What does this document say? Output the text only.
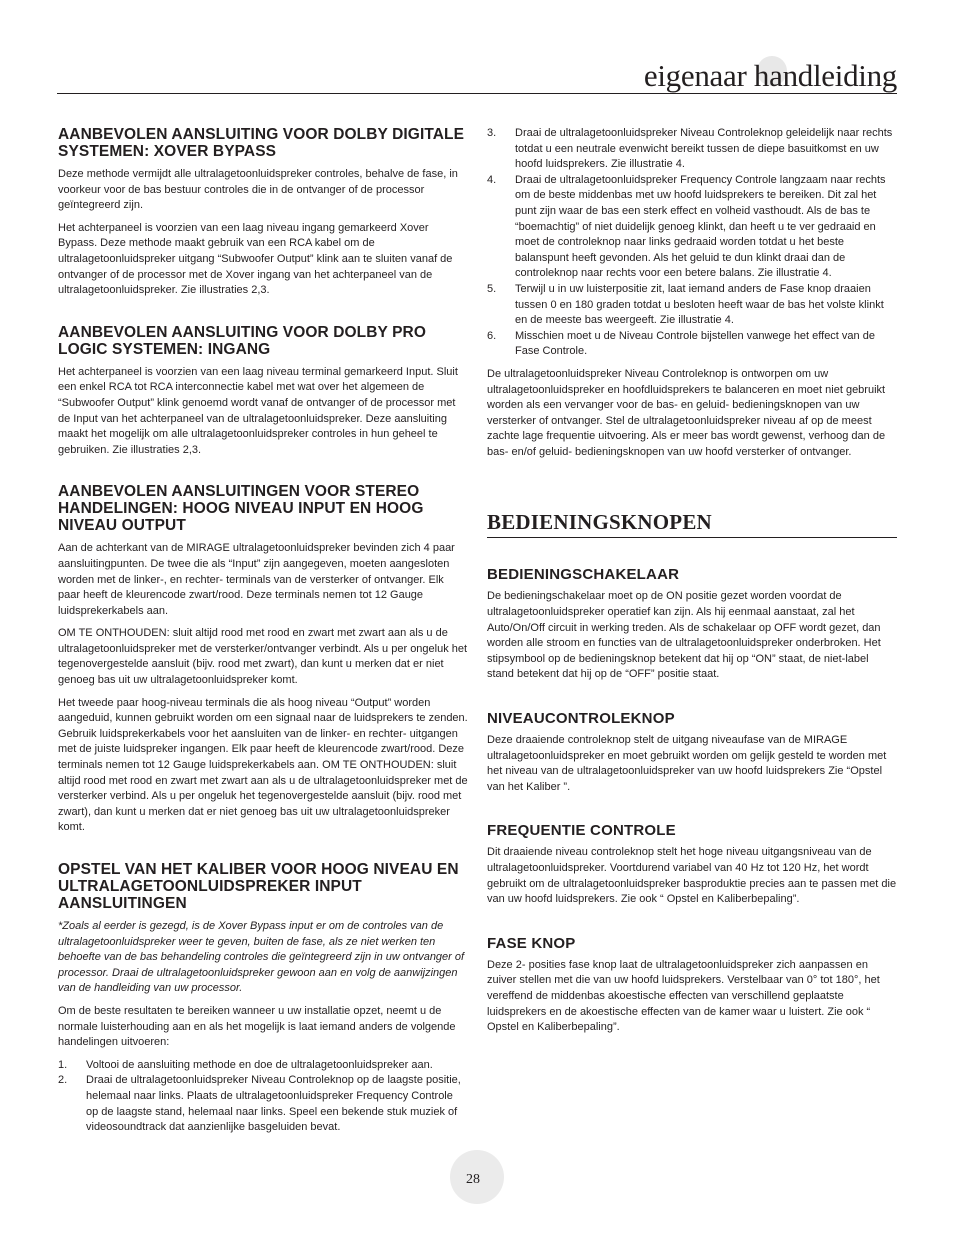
eigenaar handleiding
AANBEVOLEN AANSLUITING VOOR DOLBY DIGITALE SYSTEMEN: XOVER BYPASS

Deze methode vermijdt alle ultralagetoonluidspreker controles, behalve de fase, in voorkeur voor de bas bestuur controles die in de ontvanger of de processor geïntegreerd zijn.

Het achterpaneel is voorzien van een laag niveau ingang gemarkeerd Xover Bypass. Deze methode maakt gebruik van een RCA kabel om de ultralagetoonluidspreker uitgang “Subwoofer Output” klink aan te sluiten vanaf de ontvanger of de processor met de Xover ingang van het achterpaneel van de ultralagetoonluidspreker. Zie illustraties 2,3.

AANBEVOLEN AANSLUITING VOOR DOLBY PRO LOGIC SYSTEMEN: INGANG

Het achterpaneel is voorzien van een laag niveau terminal gemarkeerd Input. Sluit een enkel RCA tot RCA interconnectie kabel met wat over het algemeen de “Subwoofer Output” klink genoemd wordt vanaf de ontvanger of de processor met de Input van het achterpaneel van de ultralagetoonluidspreker. Deze aansluiting maakt het mogelijk om alle ultralagetoonluidspreker controles in hun geheel te gebruiken. Zie illustraties 2,3.

AANBEVOLEN AANSLUITINGEN VOOR STEREO HANDELINGEN: HOOG NIVEAU INPUT EN HOOG NIVEAU OUTPUT

Aan de achterkant van de MIRAGE ultralagetoonluidspreker bevinden zich 4 paar aansluitingpunten. De twee die als “Input” zijn aangegeven, moeten aangesloten worden met de linker-, en rechter- terminals van de versterker of ontvanger. Elk paar heeft de kleurencode zwart/rood. Deze terminals nemen tot 12 Gauge luidsprekerkabels aan.

OM TE ONTHOUDEN: sluit altijd rood met rood en zwart met zwart aan als u de ultralagetoonluidspreker met de versterker/ontvanger verbindt. Als u per ongeluk het tegenovergestelde aansluit (bijv. rood met zwart), dan kunt u merken dat er niet genoeg bas uit uw ultralagetoonluidspreker komt.

Het tweede paar hoog-niveau terminals die als hoog niveau “Output” worden aangeduid, kunnen gebruikt worden om een signaal naar de luidsprekers te zenden. Gebruik luidsprekerkabels voor het aansluiten van de linker- en rechter- uitgangen met de juiste luidspreker ingangen. Elk paar heeft de kleurencode zwart/rood. Deze terminals nemen tot 12 Gauge luidsprekerkabels aan. OM TE ONTHOUDEN: sluit altijd rood met rood en zwart met zwart aan als u de ultralagetoonluidspreker met de versterker verbind. Als u per ongeluk het tegenovergestelde aansluit (bijv. rood met zwart), dan kunt u merken dat er niet genoeg bas uit uw ultralagetoonluidspreker komt.

OPSTEL VAN HET KALIBER VOOR HOOG NIVEAU EN ULTRALAGETOONLUIDSPREKER INPUT AANSLUITINGEN

*Zoals al eerder is gezegd, is de Xover Bypass input er om de controles van de ultralagetoonluidspreker weer te geven, buiten de fase, als ze niet werken ten behoefte van de bas behandeling controles die geïntegreerd zijn in uw ontvanger of processor. Draai de ultralagetoonluidspreker gewoon aan en volg de aanwijzingen van de handleiding van uw processor.

Om de beste resultaten te bereiken wanneer u uw installatie opzet, neemt u de normale luisterhouding aan en als het mogelijk is laat iemand anders de volgende handelingen uitvoeren:

1. Voltooi de aansluiting methode en doe de ultralagetoonluidspreker aan.
2. Draai de ultralagetoonluidspreker Niveau Controleknop op de laagste positie, helemaal naar links. Plaats de ultralagetoonluidspreker Frequency Controle op de laagste stand, helemaal naar links. Speel een bekende stuk muziek of videosoundtrack dat aanzienlijke basgeluiden bevat.
3. Draai de ultralagetoonluidspreker Niveau Controleknop geleidelijk naar rechts totdat u een neutrale evenwicht bereikt tussen de diepe basuitkomst en uw hoofd luidsprekers. Zie illustratie 4.
4. Draai de ultralagetoonluidspreker Frequency Controle langzaam naar rechts om de beste middenbas met uw hoofd luidsprekers te bereiken. Dit zal het punt zijn waar de bas een sterk effect en volheid vasthoudt. Als de bas te “boemachtig” of niet duidelijk genoeg klinkt, dan heeft u te ver gedraaid en moet de controleknop naar links gedraaid worden totdat u het beste balanspunt heeft gevonden. Als het geluid te dun klinkt draai dan de controleknop naar rechts voor een betere balans. Zie illustratie 4.
5. Terwijl u in uw luisterpositie zit, laat iemand anders de Fase knop draaien tussen 0 en 180 graden totdat u besloten heeft waar de bas het volste klinkt en de meeste bas weergeeft. Zie illustratie 4.
6. Misschien moet u de Niveau Controle bijstellen vanwege het effect van de Fase Controle.

De ultralagetoonluidspreker Niveau Controleknop is ontworpen om uw ultralagetoonluidspreker en hoofdluidsprekers te balanceren en moet niet gebruikt worden als een vervanger voor de bas- en geluid- bedieningsknopen van uw versterker of ontvanger. Stel de ultralagetoonluidspreker niveau af op de meest zachte lage frequentie uitvoering. Als er meer bas wordt gewenst, verhoog dan de bas- en/of geluid- bedieningsknopen van uw hoofd versterker of ontvanger.

BEDIENINGSKNOPEN
BEDIENINGSCHAKELAAR

De bedieningschakelaar moet op de ON positie gezet worden voordat de ultralagetoonluidspreker operatief kan zijn. Als hij eenmaal aanstaat, zal het Auto/On/Off circuit in werking treden. Als de schakelaar op OFF wordt gezet, dan worden alle stroom en functies van de ultralagetoonluidspreker onderbroken. Het stipsymbool op de bedieningsknop betekent dat hij op “ON” staat, de niet-label stand betekent dat hij op de “OFF” positie staat.

NIVEAUCONTROLEKNOP

Deze draaiende controleknop stelt de uitgang niveaufase van de MIRAGE ultralagetoonluidspreker en moet gebruikt worden om gelijk gesteld te worden met het niveau van de ultralagetoonluidspreker van uw hoofd luidsprekers Zie “Opstel van het Kaliber ”.

FREQUENTIE CONTROLE

Dit draaiende niveau controleknop stelt het hoge niveau uitgangsniveau van de ultralagetoonluidspreker. Voortdurend variabel van 40 Hz tot 120 Hz, het wordt gebruikt om de ultralagetoonluidspreker basproduktie precies aan te passen met die van uw hoofd luidsprekers. Zie ook “ Opstel en Kaliberbepaling”.

FASE KNOP

Deze 2- posities fase knop laat de ultralagetoonluidspreker zich aanpassen en zuiver stellen met die van uw hoofd luidsprekers. Verstelbaar van 0° tot 180°, het vereffend de middenbas akoestische effecten van verschillend geplaatste luidsprekers en de akoestische effecten van de kamer waar u luistert. Zie ook “ Opstel en Kaliberbepaling”.

28
